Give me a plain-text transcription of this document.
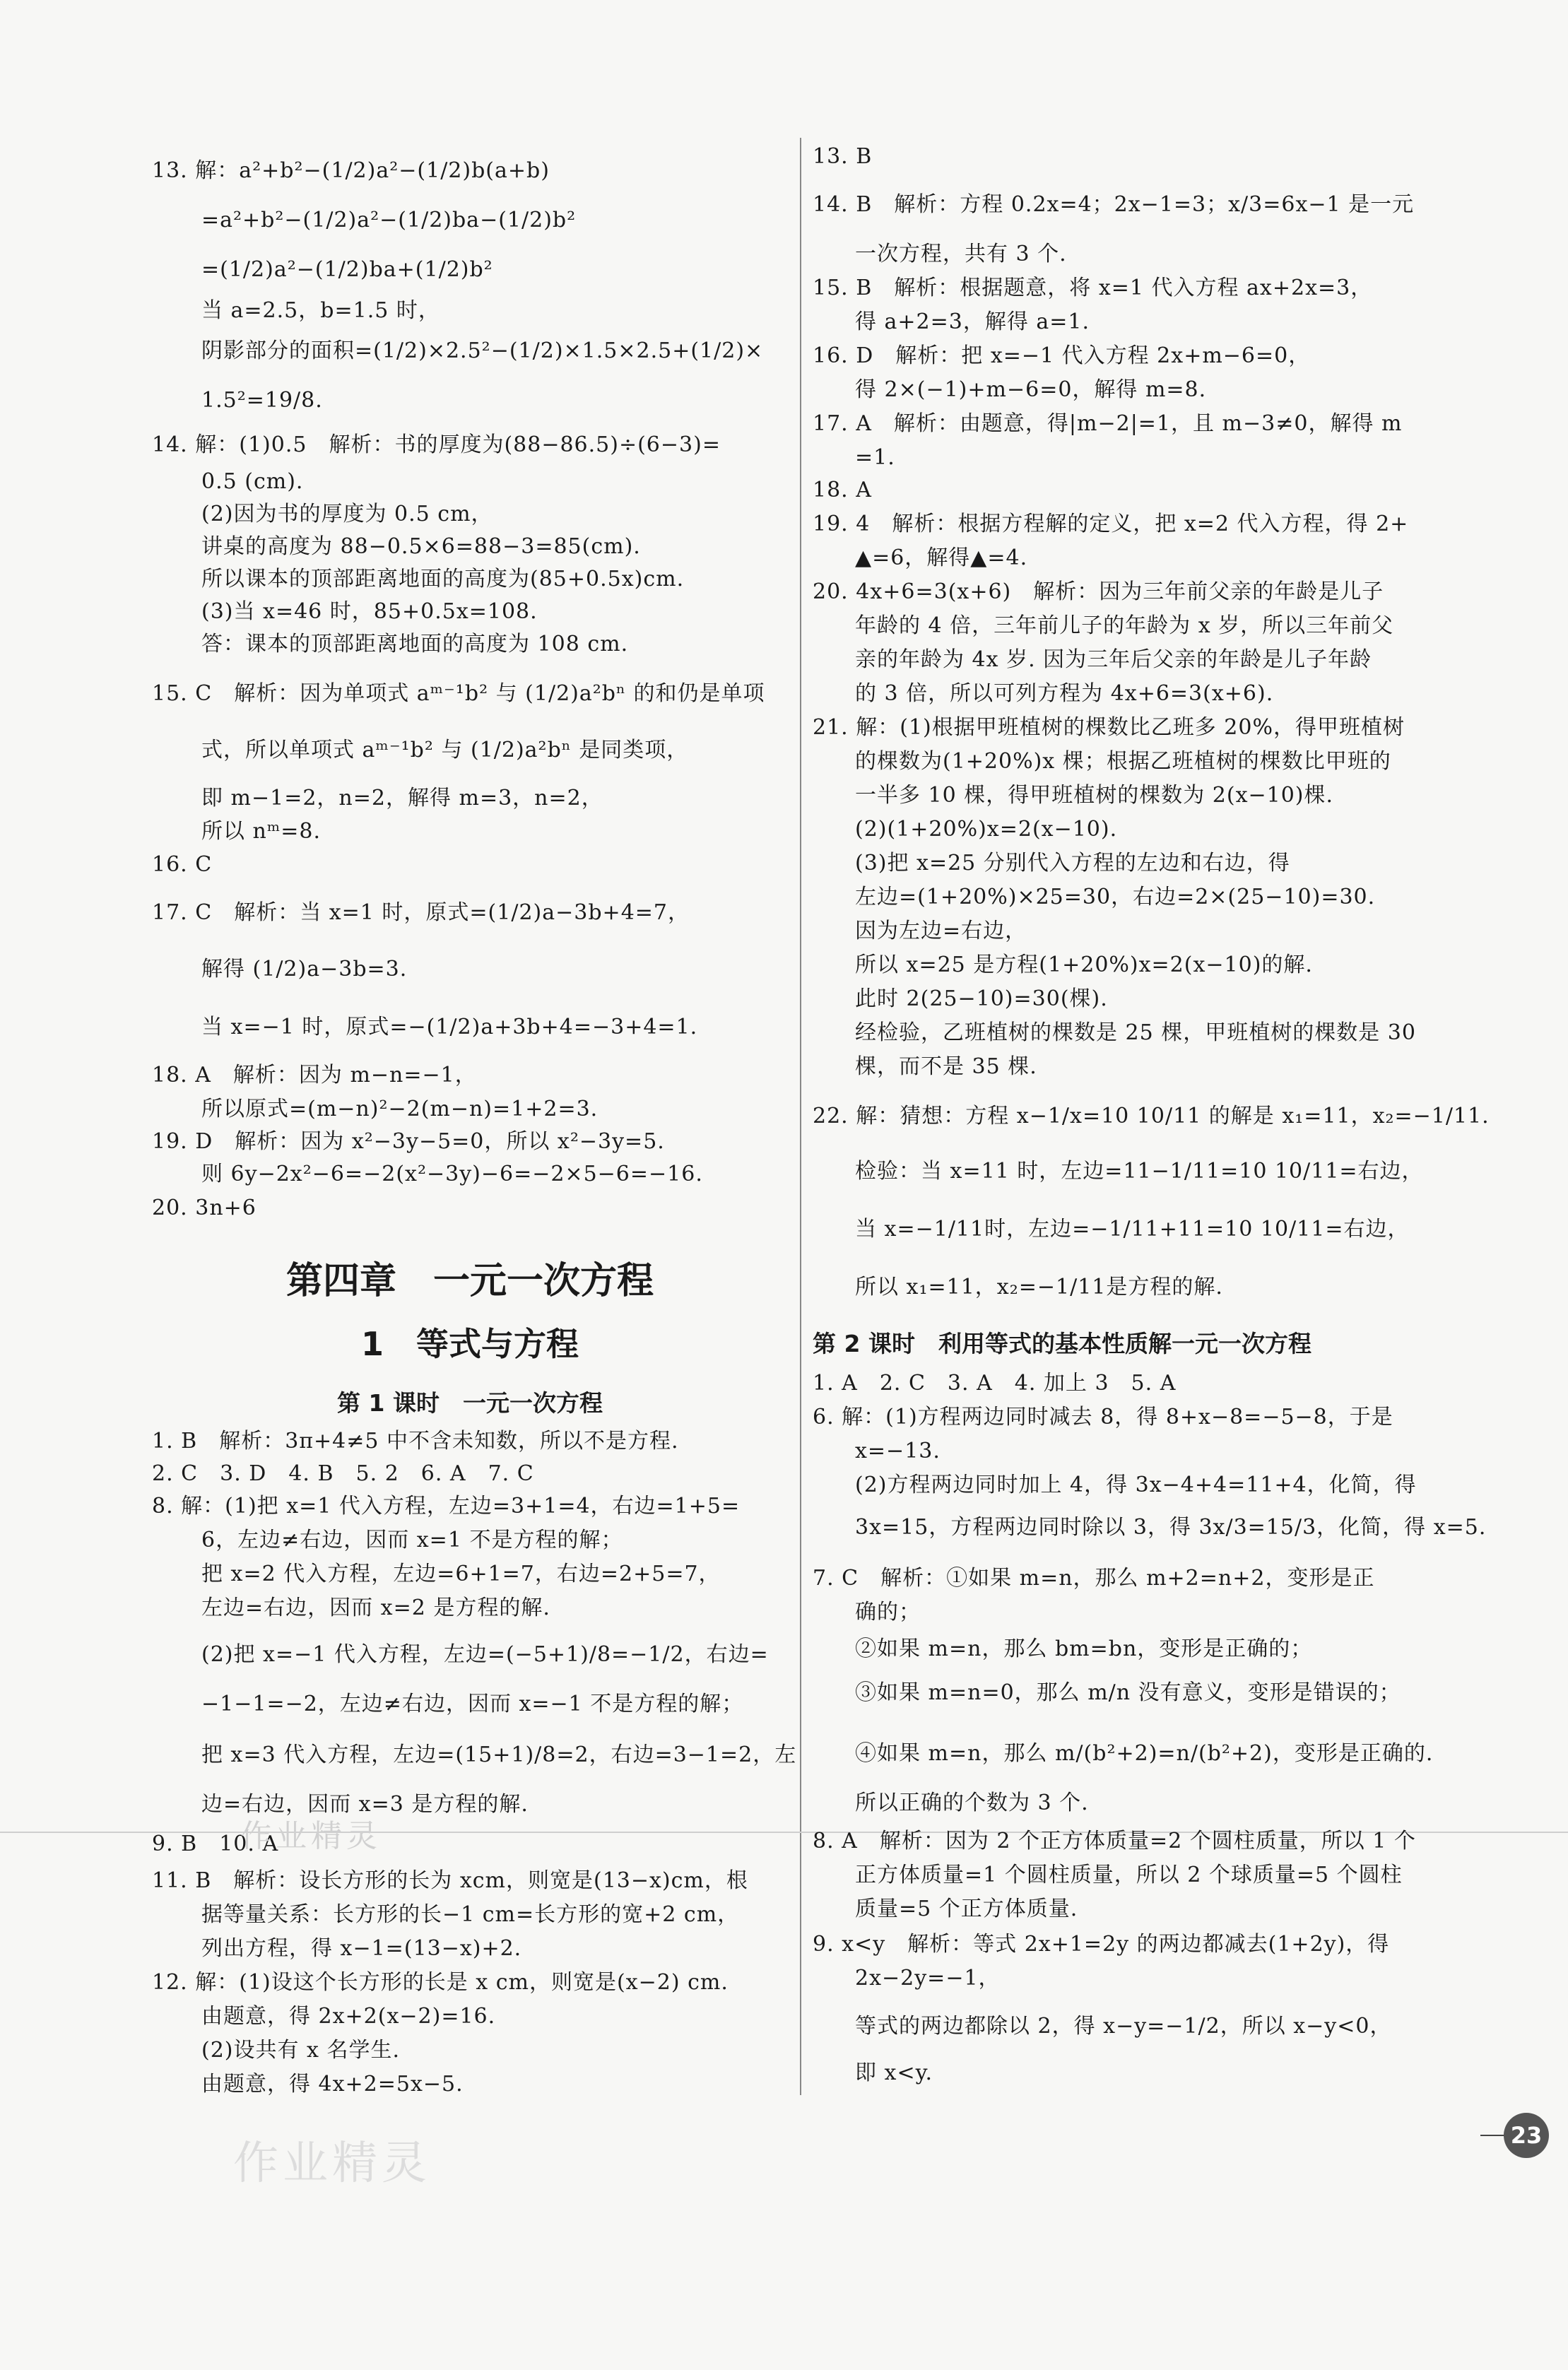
13. 解：a²+b²−(1/2)a²−(1/2)b(a+b)
=a²+b²−(1/2)a²−(1/2)ba−(1/2)b²
=(1/2)a²−(1/2)ba+(1/2)b²
当 a=2.5，b=1.5 时，
阴影部分的面积=(1/2)×2.5²−(1/2)×1.5×2.5+(1/2)×
1.5²=19/8.
14. 解：(1)0.5　解析：书的厚度为(88−86.5)÷(6−3)=
0.5 (cm).
(2)因为书的厚度为 0.5 cm，
讲桌的高度为 88−0.5×6=88−3=85(cm).
所以课本的顶部距离地面的高度为(85+0.5x)cm.
(3)当 x=46 时，85+0.5x=108.
答：课本的顶部距离地面的高度为 108 cm.
15. C　解析：因为单项式 aᵐ⁻¹b² 与 (1/2)a²bⁿ 的和仍是单项
式，所以单项式 aᵐ⁻¹b² 与 (1/2)a²bⁿ 是同类项，
即 m−1=2，n=2，解得 m=3，n=2，
所以 nᵐ=8.
16. C
17. C　解析：当 x=1 时，原式=(1/2)a−3b+4=7，
解得 (1/2)a−3b=3.
当 x=−1 时，原式=−(1/2)a+3b+4=−3+4=1.
18. A　解析：因为 m−n=−1，
所以原式=(m−n)²−2(m−n)=1+2=3.
19. D　解析：因为 x²−3y−5=0，所以 x²−3y=5.
则 6y−2x²−6=−2(x²−3y)−6=−2×5−6=−16.
20. 3n+6
第四章　一元一次方程
1　等式与方程
第 1 课时　一元一次方程
1. B　解析：3π+4≠5 中不含未知数，所以不是方程.
2. C　3. D　4. B　5. 2　6. A　7. C
8. 解：(1)把 x=1 代入方程，左边=3+1=4，右边=1+5=
6，左边≠右边，因而 x=1 不是方程的解；
把 x=2 代入方程，左边=6+1=7，右边=2+5=7，
左边=右边，因而 x=2 是方程的解.
(2)把 x=−1 代入方程，左边=(−5+1)/8=−1/2，右边=
−1−1=−2，左边≠右边，因而 x=−1 不是方程的解；
把 x=3 代入方程，左边=(15+1)/8=2，右边=3−1=2，左
边=右边，因而 x=3 是方程的解.
9. B　10. A
11. B　解析：设长方形的长为 xcm，则宽是(13−x)cm，根
据等量关系：长方形的长−1 cm=长方形的宽+2 cm，
列出方程，得 x−1=(13−x)+2.
12. 解：(1)设这个长方形的长是 x cm，则宽是(x−2) cm.
由题意，得 2x+2(x−2)=16.
(2)设共有 x 名学生.
由题意，得 4x+2=5x−5.
13. B
14. B　解析：方程 0.2x=4；2x−1=3；x/3=6x−1 是一元
一次方程，共有 3 个.
15. B　解析：根据题意，将 x=1 代入方程 ax+2x=3，
得 a+2=3，解得 a=1.
16. D　解析：把 x=−1 代入方程 2x+m−6=0，
得 2×(−1)+m−6=0，解得 m=8.
17. A　解析：由题意，得|m−2|=1，且 m−3≠0，解得 m
=1.
18. A
19. 4　解析：根据方程解的定义，把 x=2 代入方程，得 2+
▲=6，解得▲=4.
20. 4x+6=3(x+6)　解析：因为三年前父亲的年龄是儿子
年龄的 4 倍，三年前儿子的年龄为 x 岁，所以三年前父
亲的年龄为 4x 岁. 因为三年后父亲的年龄是儿子年龄
的 3 倍，所以可列方程为 4x+6=3(x+6).
21. 解：(1)根据甲班植树的棵数比乙班多 20%，得甲班植树
的棵数为(1+20%)x 棵；根据乙班植树的棵数比甲班的
一半多 10 棵，得甲班植树的棵数为 2(x−10)棵.
(2)(1+20%)x=2(x−10).
(3)把 x=25 分别代入方程的左边和右边，得
左边=(1+20%)×25=30，右边=2×(25−10)=30.
因为左边=右边，
所以 x=25 是方程(1+20%)x=2(x−10)的解.
此时 2(25−10)=30(棵).
经检验，乙班植树的棵数是 25 棵，甲班植树的棵数是 30
棵，而不是 35 棵.
22. 解：猜想：方程 x−1/x=10 10/11 的解是 x₁=11，x₂=−1/11.
检验：当 x=11 时，左边=11−1/11=10 10/11=右边，
当 x=−1/11时，左边=−1/11+11=10 10/11=右边，
所以 x₁=11，x₂=−1/11是方程的解.
第 2 课时　利用等式的基本性质解一元一次方程
1. A　2. C　3. A　4. 加上 3　5. A
6. 解：(1)方程两边同时减去 8，得 8+x−8=−5−8，于是
x=−13.
(2)方程两边同时加上 4，得 3x−4+4=11+4，化简，得
3x=15，方程两边同时除以 3，得 3x/3=15/3，化简，得 x=5.
7. C　解析：①如果 m=n，那么 m+2=n+2，变形是正
确的；
②如果 m=n，那么 bm=bn，变形是正确的；
③如果 m=n=0，那么 m/n 没有意义，变形是错误的；
④如果 m=n，那么 m/(b²+2)=n/(b²+2)，变形是正确的.
所以正确的个数为 3 个.
8. A　解析：因为 2 个正方体质量=2 个圆柱质量，所以 1 个
正方体质量=1 个圆柱质量，所以 2 个球质量=5 个圆柱
质量=5 个正方体质量.
9. x<y　解析：等式 2x+1=2y 的两边都减去(1+2y)，得
2x−2y=−1，
等式的两边都除以 2，得 x−y=−1/2，所以 x−y<0，
即 x<y.
作业精灵
作业精灵
23
